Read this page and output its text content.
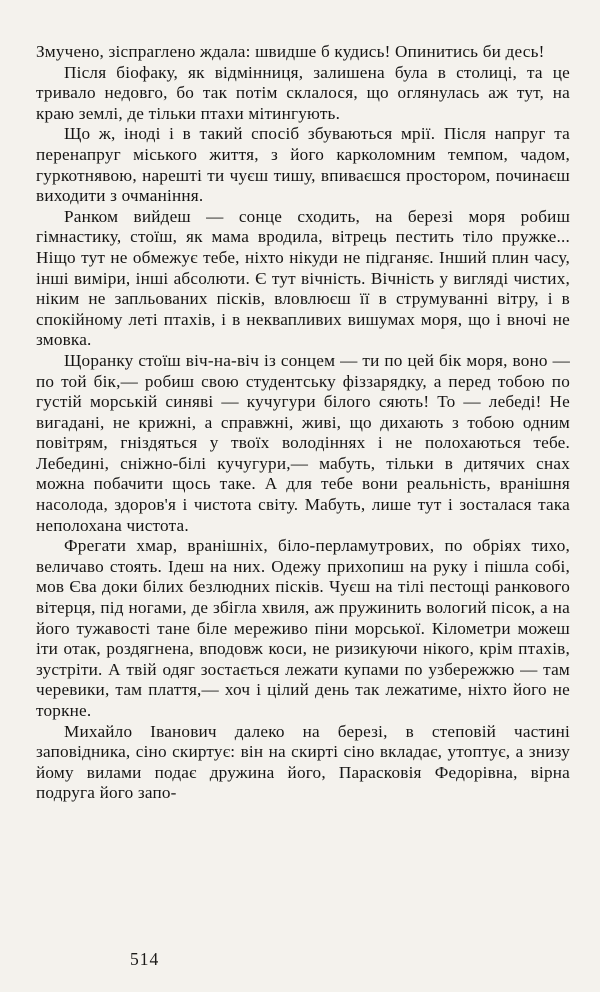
Змучено, зіспраглено ждала: швидше б кудись! Опинитись би десь!

Після біофаку, як відмінниця, залишена була в столиці, та це тривало недовго, бо так потім склалося, що оглянулась аж тут, на краю землі, де тільки птахи мітингують.

Що ж, іноді і в такий спосіб збуваються мрії. Після напруг та перенапруг міського життя, з його карколомним темпом, чадом, гуркотнявою, нарешті ти чуєш тишу, впиваєшся простором, починаєш виходити з очманіння.

Ранком вийдеш — сонце сходить, на березі моря робиш гімнастику, стоїш, як мама вродила, вітрець пестить тіло пружке... Ніщо тут не обмежує тебе, ніхто нікуди не підганяє. Інший плин часу, інші виміри, інші абсолюти. Є тут вічність. Вічність у вигляді чистих, ніким не запльованих пісків, вловлюєш її в струмуванні вітру, і в спокійному леті птахів, і в неквапливих вишумах моря, що і вночі не змовка.

Щоранку стоїш віч-на-віч із сонцем — ти по цей бік моря, воно — по той бік,— робиш свою студентську фіззарядку, а перед тобою по густій морській синяві — кучугури білого сяють! То — лебеді! Не вигадані, не крижні, а справжні, живі, що дихають з тобою одним повітрям, гніздяться у твоїх володіннях і не полохаються тебе. Лебедині, сніжно-білі кучугури,— мабуть, тільки в дитячих снах можна побачити щось таке. А для тебе вони реальність, вранішня насолода, здоров'я і чистота світу. Мабуть, лише тут і зосталася така неполохана чистота.

Фрегати хмар, вранішніх, біло-перламутрових, по обріях тихо, величаво стоять. Ідеш на них. Одежу прихопиш на руку і пішла собі, мов Єва доки білих безлюдних пісків. Чуєш на тілі пестощі ранкового вітерця, під ногами, де збігла хвиля, аж пружинить вологий пісок, а на його тужавості тане біле мереживо піни морської. Кілометри можеш іти отак, роздягнена, вподовж коси, не ризикуючи нікого, крім птахів, зустріти. А твій одяг зостається лежати купами по узбережжю — там черевики, там плаття,— хоч і цілий день так лежатиме, ніхто його не торкне.

Михайло Іванович далеко на березі, в степовій частині заповідника, сіно скиртує: він на скирті сіно вкладає, утоптує, а знизу йому вилами подає дружина його, Парасковія Федорівна, вірна подруга його запо-

514
